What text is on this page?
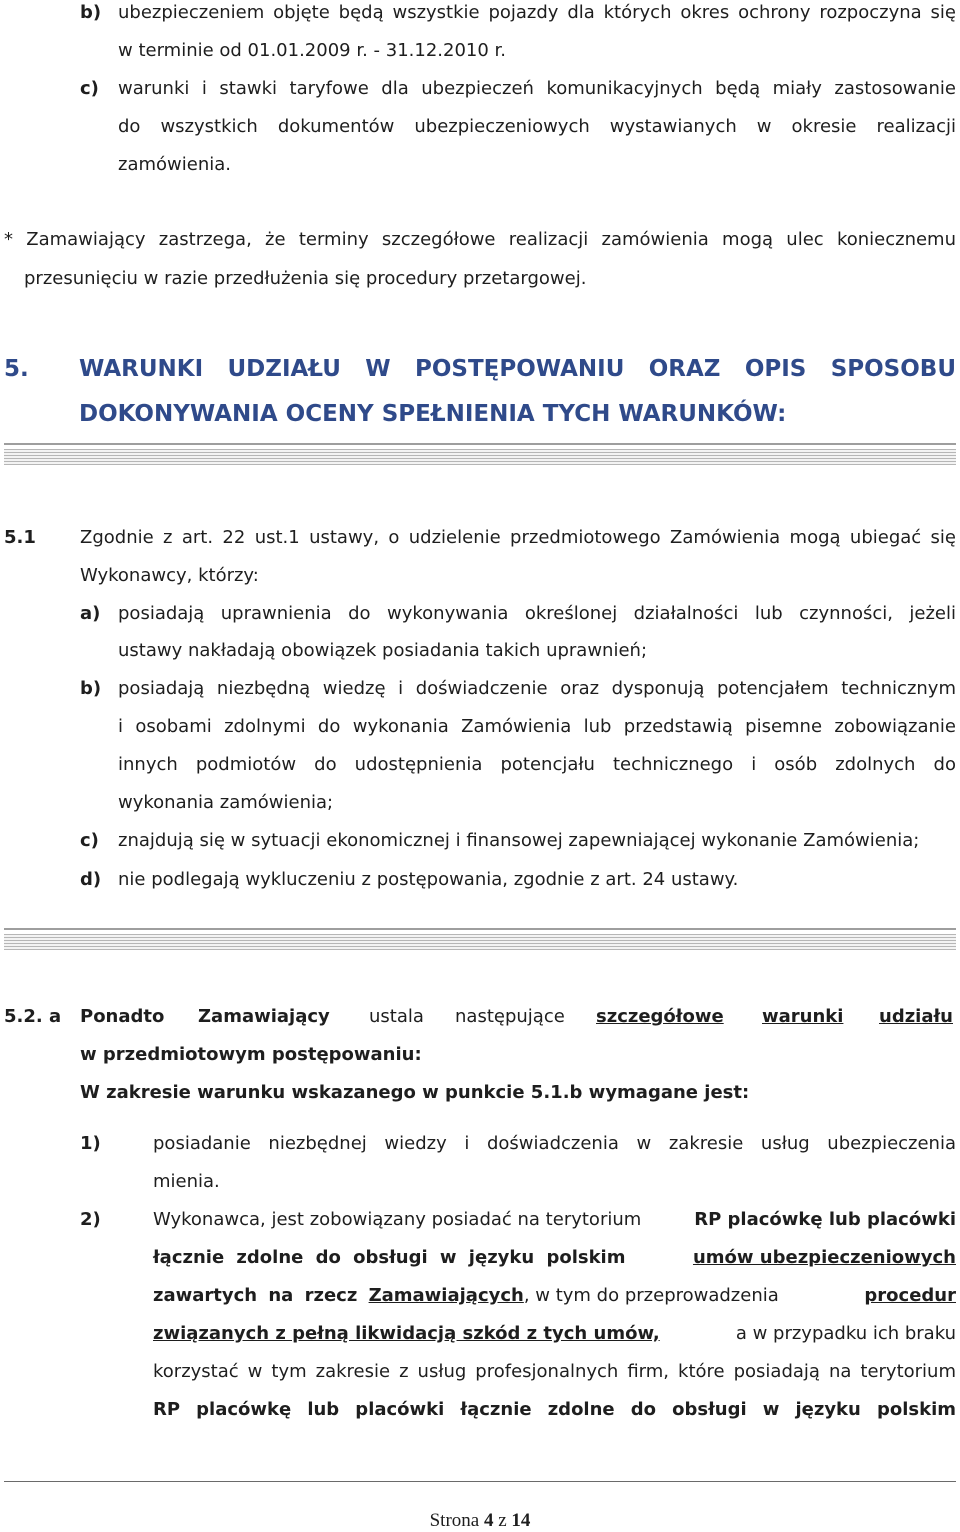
b) ubezpieczeniem objęte będą wszystkie pojazdy dla których okres ochrony rozpoczyna się
w terminie od 01.01.2009 r. - 31.12.2010 r.
c) warunki i stawki taryfowe dla ubezpieczeń komunikacyjnych będą miały zastosowanie
do wszystkich dokumentów ubezpieczeniowych wystawianych w okresie realizacji
zamówienia.
* Zamawiający zastrzega, że terminy szczegółowe realizacji zamówienia mogą ulec koniecznemu
przesunięciu w razie przedłużenia się procedury przetargowej.
5. WARUNKI UDZIAŁU W POSTĘPOWANIU ORAZ OPIS SPOSOBU
DOKONYWANIA OCENY SPEŁNIENIA TYCH WARUNKÓW:
5.1 Zgodnie z art. 22 ust.1 ustawy, o udzielenie przedmiotowego Zamówienia mogą ubiegać się
Wykonawcy, którzy:
a) posiadają uprawnienia do wykonywania określonej działalności lub czynności, jeżeli
ustawy nakładają obowiązek posiadania takich uprawnień;
b) posiadają niezbędną wiedzę i doświadczenie oraz dysponują potencjałem technicznym
i osobami zdolnymi do wykonania Zamówienia lub przedstawią pisemne zobowiązanie
innych podmiotów do udostępnienia potencjału technicznego i osób zdolnych do
wykonania zamówienia;
c) znajdują się w sytuacji ekonomicznej i finansowej zapewniającej wykonanie Zamówienia;
d) nie podlegają wykluczeniu z postępowania, zgodnie z art. 24 ustawy.
5.2. a Ponadto Zamawiający ustala następujące szczegółowe warunki udziału
w przedmiotowym postępowaniu:
W zakresie warunku wskazanego w punkcie 5.1.b wymagane jest:
1)	posiadanie niezbędnej wiedzy i doświadczenia w zakresie usług ubezpieczenia
mienia.
2)	Wykonawca, jest zobowiązany posiadać na terytorium	RP placówkę lub placówki
łącznie zdolne do obsługi w języku polskim	umów ubezpieczeniowych
zawartych na rzecz Zamawiających, w tym do przeprowadzenia	procedur
związanych z pełną likwidacją szkód z tych umów,	a w przypadku ich braku
korzystać w tym zakresie z usług profesjonalnych firm, które posiadają na terytorium
RP placówkę lub placówki łącznie zdolne do obsługi w języku polskim
Strona 4 z 14
